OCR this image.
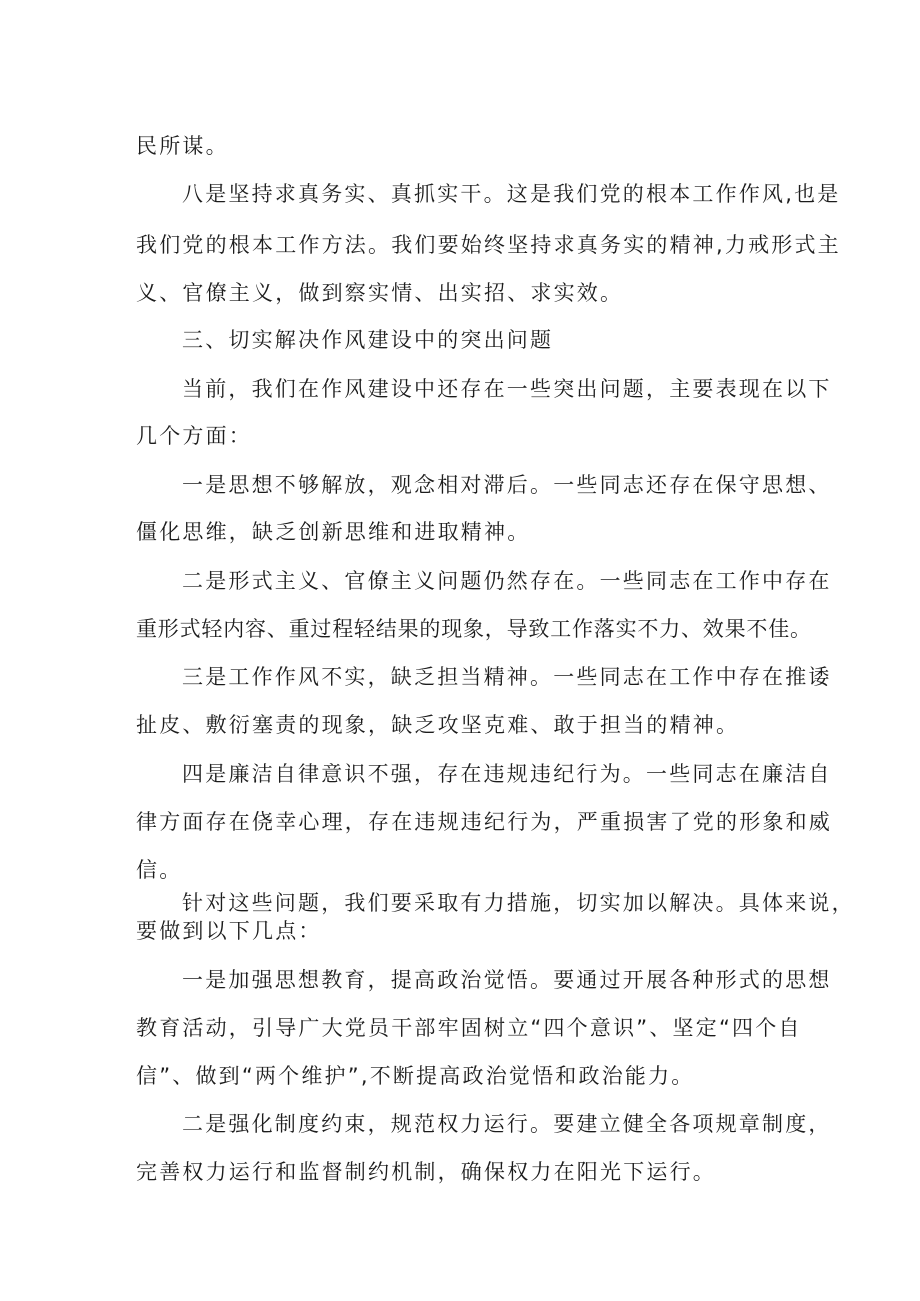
民所谋。
八是坚持求真务实、真抓实干。这是我们党的根本工作作风,也是
我们党的根本工作方法。我们要始终坚持求真务实的精神,力戒形式主
义、官僚主义，做到察实情、出实招、求实效。
三、切实解决作风建设中的突出问题
当前，我们在作风建设中还存在一些突出问题，主要表现在以下
几个方面：
一是思想不够解放，观念相对滞后。一些同志还存在保守思想、
僵化思维，缺乏创新思维和进取精神。
二是形式主义、官僚主义问题仍然存在。一些同志在工作中存在
重形式轻内容、重过程轻结果的现象，导致工作落实不力、效果不佳。
三是工作作风不实，缺乏担当精神。一些同志在工作中存在推诿
扯皮、敷衍塞责的现象，缺乏攻坚克难、敢于担当的精神。
四是廉洁自律意识不强，存在违规违纪行为。一些同志在廉洁自
律方面存在侥幸心理，存在违规违纪行为，严重损害了党的形象和威
信。
针对这些问题，我们要采取有力措施，切实加以解决。具体来说，
要做到以下几点：
一是加强思想教育，提高政治觉悟。要通过开展各种形式的思想
教育活动，引导广大党员干部牢固树立“四个意识”、坚定“四个自
信”、做到“两个维护”,不断提高政治觉悟和政治能力。
二是强化制度约束，规范权力运行。要建立健全各项规章制度，
完善权力运行和监督制约机制，确保权力在阳光下运行。
